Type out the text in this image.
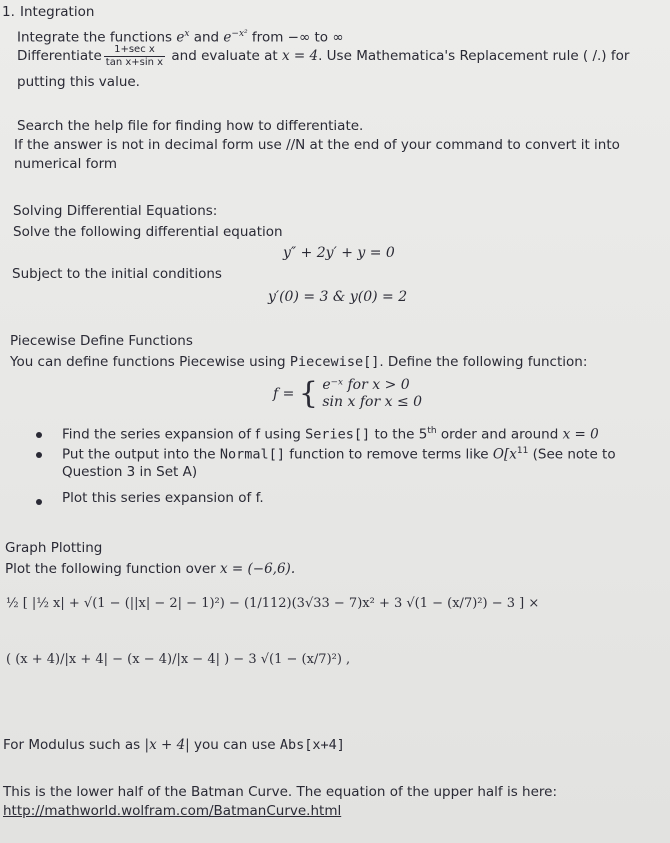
1. Integration
Integrate the functions $e^x$ and $e^{-x^2}$ from −∞ to ∞
Differentiate $\frac{\text{1+sec x}}{\text{tan x+sin x}}$ and evaluate at x = 4. Use Mathematica's Replacement rule ( /.) for
putting this value.
Search the help file for finding how to differentiate.
If the answer is not in decimal form use //N at the end of your command to convert it into
numerical form
Solving Differential Equations:
Solve the following differential equation
y″ + 2y′ + y = 0
Subject to the initial conditions
y′(0) = 3 & y(0) = 2
Piecewise Define Functions
You can define functions Piecewise using Piecewise[]. Define the following function:
f = { e⁻ˣ for x > 0
sin x for x ≤ 0
Find the series expansion of f using Series[] to the 5th order and around x = 0
Put the output into the Normal[] function to remove terms like $O[x^{11}$ (See note to
Question 3 in Set A)
Plot this series expansion of f.
Graph Plotting
Plot the following function over x = (−6,6).
½ [ |½ x| + √(1 − (||x| − 2| − 1)²) − (1/112)(3√33 − 7)x² + 3 √(1 − (x/7)²) − 3 ] ×
( (x + 4)/|x + 4| − (x − 4)/|x − 4| ) − 3 √(1 − (x/7)²) ,
For Modulus such as |x + 4| you can use Abs[x+4]
This is the lower half of the Batman Curve. The equation of the upper half is here:
http://mathworld.wolfram.com/BatmanCurve.html
